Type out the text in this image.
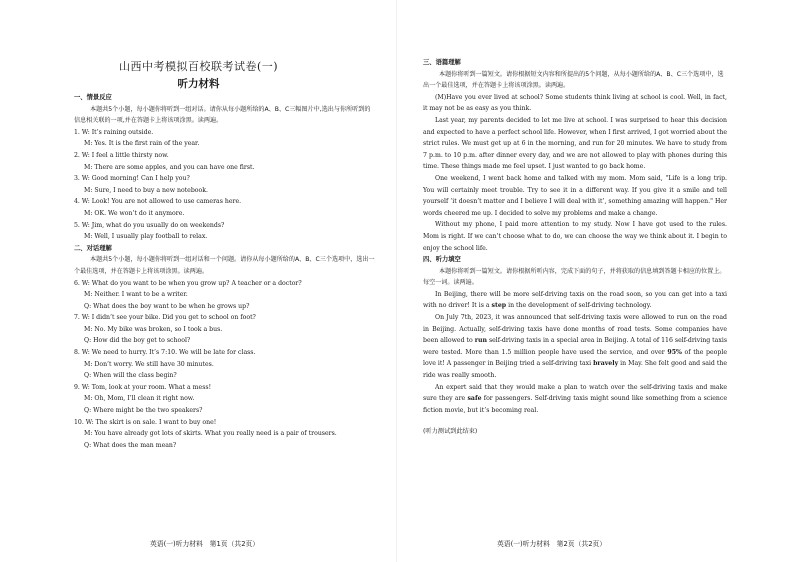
山西中考模拟百校联考试卷(一)
听力材料
一、情景反应
本题共5个小题，每小题你将听到一组对话。请你从每小题所给的A、B、C三幅图片中,选出与你所听到的信息相关联的一项,并在答题卡上将该项涂黑。读两遍。
1. W: It’s raining outside.
M: Yes. It is the first rain of the year.
2. W: I feel a little thirsty now.
M: There are some apples, and you can have one first.
3. W: Good morning! Can I help you?
M: Sure, I need to buy a new notebook.
4. W: Look! You are not allowed to use cameras here.
M: OK. We won’t do it anymore.
5. W: Jim, what do you usually do on weekends?
M: Well, I usually play football to relax.
二、对话理解
本题共5个小题，每小题你将听到一组对话和一个问题。请你从每小题所给的A、B、C三个选项中，选出一个最佳选项，并在答题卡上将该项涂黑。读两遍。
6. W: What do you want to be when you grow up? A teacher or a doctor?
M: Neither. I want to be a writer.
Q: What does the boy want to be when he grows up?
7. W: I didn’t see your bike. Did you get to school on foot?
M: No. My bike was broken, so I took a bus.
Q: How did the boy get to school?
8. W: We need to hurry. It’s 7:10. We will be late for class.
M: Don’t worry. We still have 30 minutes.
Q: When will the class begin?
9. W: Tom, look at your room. What a mess!
M: Oh, Mom, I’ll clean it right now.
Q: Where might be the two speakers?
10. W: The skirt is on sale. I want to buy one!
M: You have already got lots of skirts. What you really need is a pair of trousers.
Q: What does the man mean?
英语(一)听力材料　第1页（共2页）
三、语篇理解
本题你将听到一篇短文。请你根据短文内容和所提出的5个问题，从每小题所给的A、B、C三个选项中，选出一个最佳选项，并在答题卡上将该项涂黑。读两遍。
(M)Have you ever lived at school? Some students think living at school is cool. Well, in fact, it may not be as easy as you think.
Last year, my parents decided to let me live at school. I was surprised to hear this decision and expected to have a perfect school life. However, when I first arrived, I got worried about the strict rules. We must get up at 6 in the morning, and run for 20 minutes. We have to study from 7 p.m. to 10 p.m. after dinner every day, and we are not allowed to play with phones during this time. These things made me feel upset. I just wanted to go back home.
One weekend, I went back home and talked with my mom. Mom said, "Life is a long trip. You will certainly meet trouble. Try to see it in a different way. If you give it a smile and tell yourself ‘it doesn’t matter and I believe I will deal with it’, something amazing will happen." Her words cheered me up. I decided to solve my problems and make a change.
Without my phone, I paid more attention to my study. Now I have got used to the rules. Mom is right. If we can’t choose what to do, we can choose the way we think about it. I begin to enjoy the school life.
四、听力填空
本题你将听到一篇短文。请你根据所听内容，完成下面的句子，并将获取的信息填到答题卡相应的位置上。每空一词。读两遍。
In Beijing, there will be more self-driving taxis on the road soon, so you can get into a taxi with no driver! It is a step in the development of self-driving technology.
On July 7th, 2023, it was announced that self-driving taxis were allowed to run on the road in Beijing. Actually, self-driving taxis have done months of road tests. Some companies have been allowed to run self-driving taxis in a special area in Beijing. A total of 116 self-driving taxis were tested. More than 1.5 million people have used the service, and over 95% of the people love it! A passenger in Beijing tried a self-driving taxi bravely in May. She felt good and said the ride was really smooth.
An expert said that they would make a plan to watch over the self-driving taxis and make sure they are safe for passengers. Self-driving taxis might sound like something from a science fiction movie, but it’s becoming real.
(听力测试到此结束)
英语(一)听力材料　第2页（共2页）
